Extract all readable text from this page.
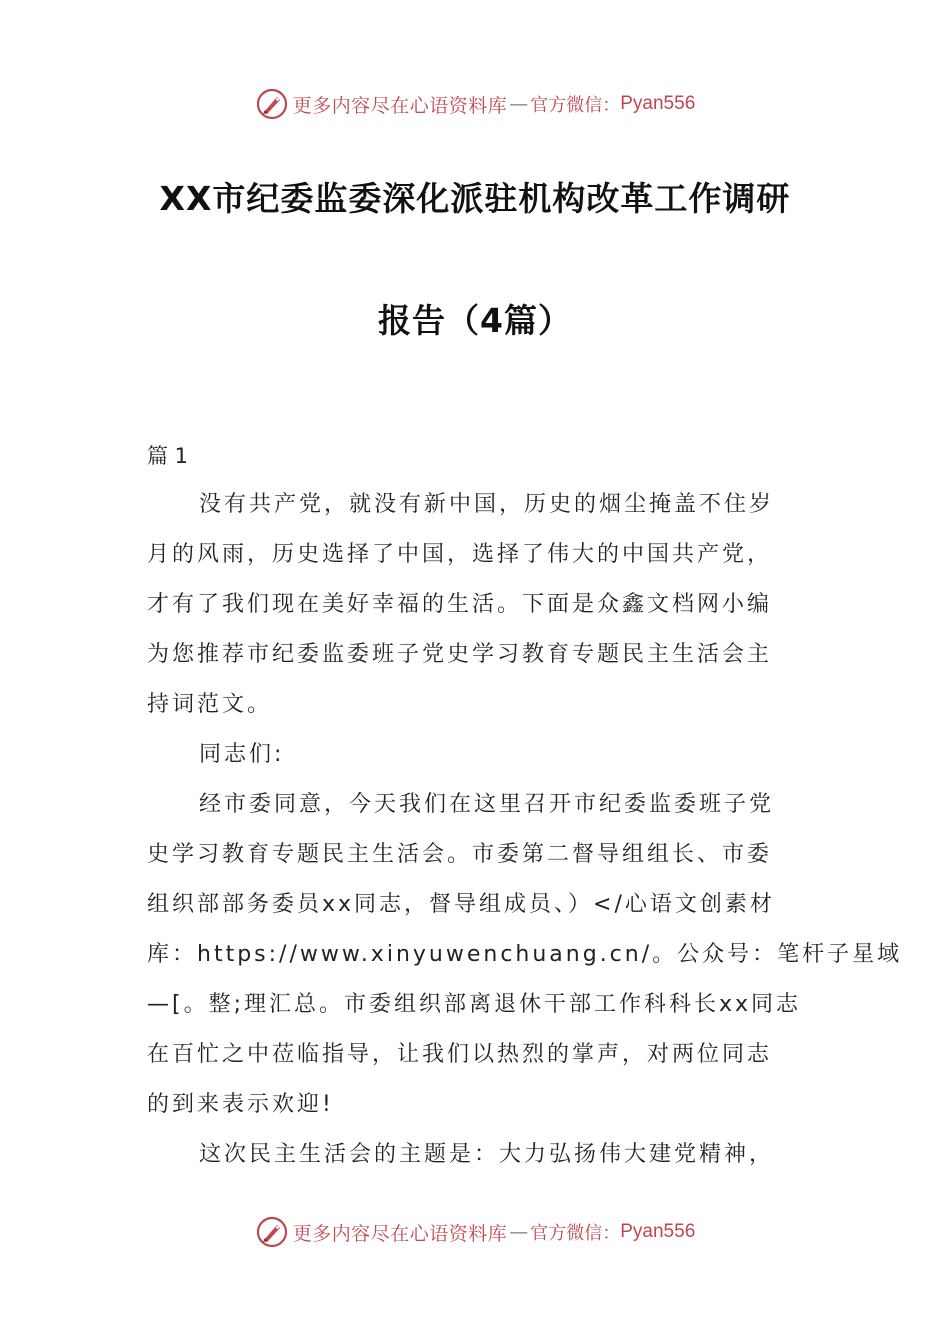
更多内容尽在心语资料库 — 官方微信： Pyan556
XX市纪委监委深化派驻机构改革工作调研
报告（4篇）
篇 1
没有共产党，就没有新中国，历史的烟尘掩盖不住岁
月的风雨，历史选择了中国，选择了伟大的中国共产党，
才有了我们现在美好幸福的生活。下面是众鑫文档网小编
为您推荐市纪委监委班子党史学习教育专题民主生活会主
持词范文。
同志们:
经市委同意，今天我们在这里召开市纪委监委班子党
史学习教育专题民主生活会。市委第二督导组组长、市委
组织部部务委员xx同志，督导组成员、）</心语文创素材
库：https://www.xinyuwenchuang.cn/。公众号：笔杆子星域
—[。整;理汇总。市委组织部离退休干部工作科科长xx同志
在百忙之中莅临指导，让我们以热烈的掌声，对两位同志
的到来表示欢迎!
这次民主生活会的主题是：大力弘扬伟大建党精神，
更多内容尽在心语资料库 — 官方微信： Pyan556
